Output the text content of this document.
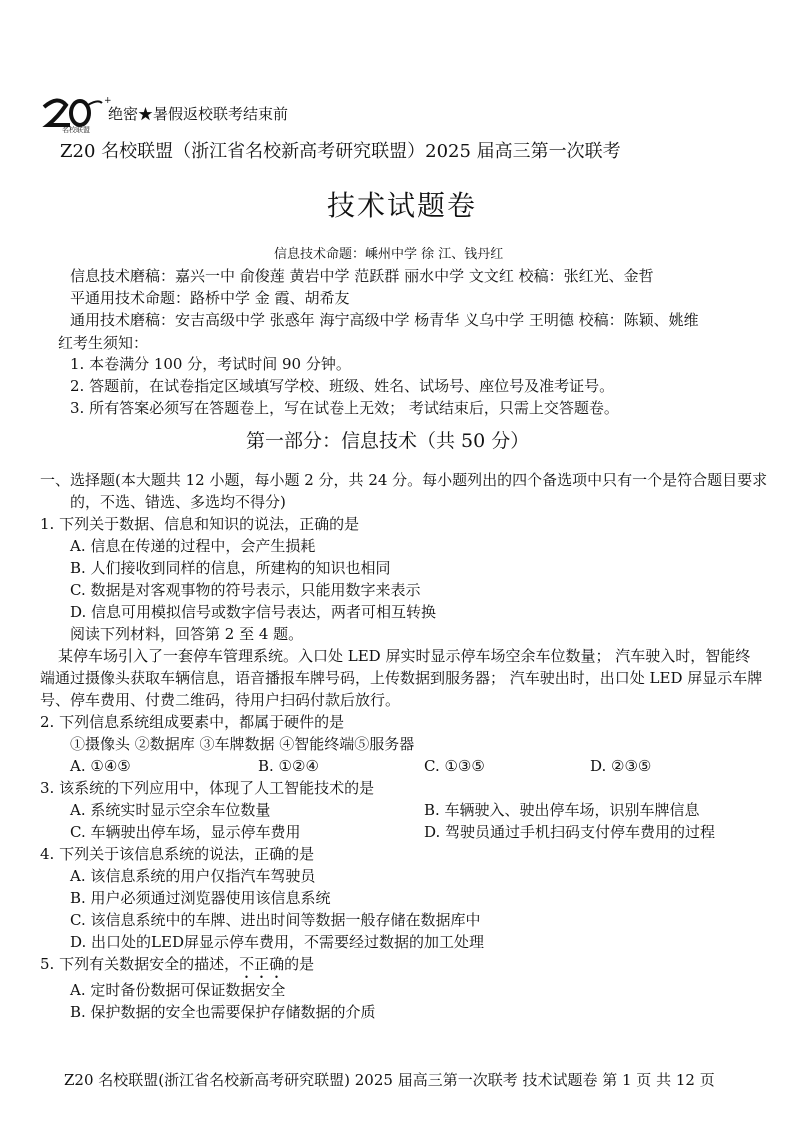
+
名校联盟
绝密★暑假返校联考结束前
Z20 名校联盟（浙江省名校新高考研究联盟）2025 届高三第一次联考
技术试题卷
信息技术命题：嵊州中学 徐 江、钱丹红
信息技术磨稿：嘉兴一中 俞俊莲 黄岩中学 范跃群 丽水中学 文文红 校稿：张红光、金哲
平通用技术命题：路桥中学 金 霞、胡希友
通用技术磨稿：安吉高级中学 张惑年 海宁高级中学 杨青华 义乌中学 王明德 校稿：陈颖、姚维
红考生须知：
1. 本卷满分 100 分，考试时间 90 分钟。
2. 答题前，在试卷指定区域填写学校、班级、姓名、试场号、座位号及准考证号。
3. 所有答案必须写在答题卷上，写在试卷上无效； 考试结束后，只需上交答题卷。
第一部分：信息技术（共 50 分）
一、选择题(本大题共 12 小题，每小题 2 分，共 24 分。每小题列出的四个备选项中只有一个是符合题目要求
的，不选、错选、多选均不得分)
1. 下列关于数据、信息和知识的说法，正确的是
A. 信息在传递的过程中，会产生损耗
B. 人们接收到同样的信息，所建构的知识也相同
C. 数据是对客观事物的符号表示，只能用数字来表示
D. 信息可用模拟信号或数字信号表达，两者可相互转换
阅读下列材料，回答第 2 至 4 题。
某停车场引入了一套停车管理系统。入口处 LED 屏实时显示停车场空余车位数量； 汽车驶入时，智能终
端通过摄像头获取车辆信息，语音播报车牌号码，上传数据到服务器； 汽车驶出时，出口处 LED 屏显示车牌
号、停车费用、付费二维码，待用户扫码付款后放行。
2. 下列信息系统组成要素中，都属于硬件的是
①摄像头 ②数据库 ③车牌数据 ④智能终端⑤服务器
A. ①④⑤	B. ①②④	C. ①③⑤	D. ②③⑤
3. 该系统的下列应用中，体现了人工智能技术的是
A. 系统实时显示空余车位数量	B. 车辆驶入、驶出停车场，识别车牌信息
C. 车辆驶出停车场，显示停车费用	D. 驾驶员通过手机扫码支付停车费用的过程
4. 下列关于该信息系统的说法，正确的是
A. 该信息系统的用户仅指汽车驾驶员
B. 用户必须通过浏览器使用该信息系统
C. 该信息系统中的车牌、进出时间等数据一般存储在数据库中
D. 出口处的LED屏显示停车费用，不需要经过数据的加工处理
5. 下列有关数据安全的描述，不正确的是
A. 定时备份数据可保证数据安全
B. 保护数据的安全也需要保护存储数据的介质
Z20 名校联盟(浙江省名校新高考研究联盟) 2025 届高三第一次联考 技术试题卷 第 1 页 共 12 页
